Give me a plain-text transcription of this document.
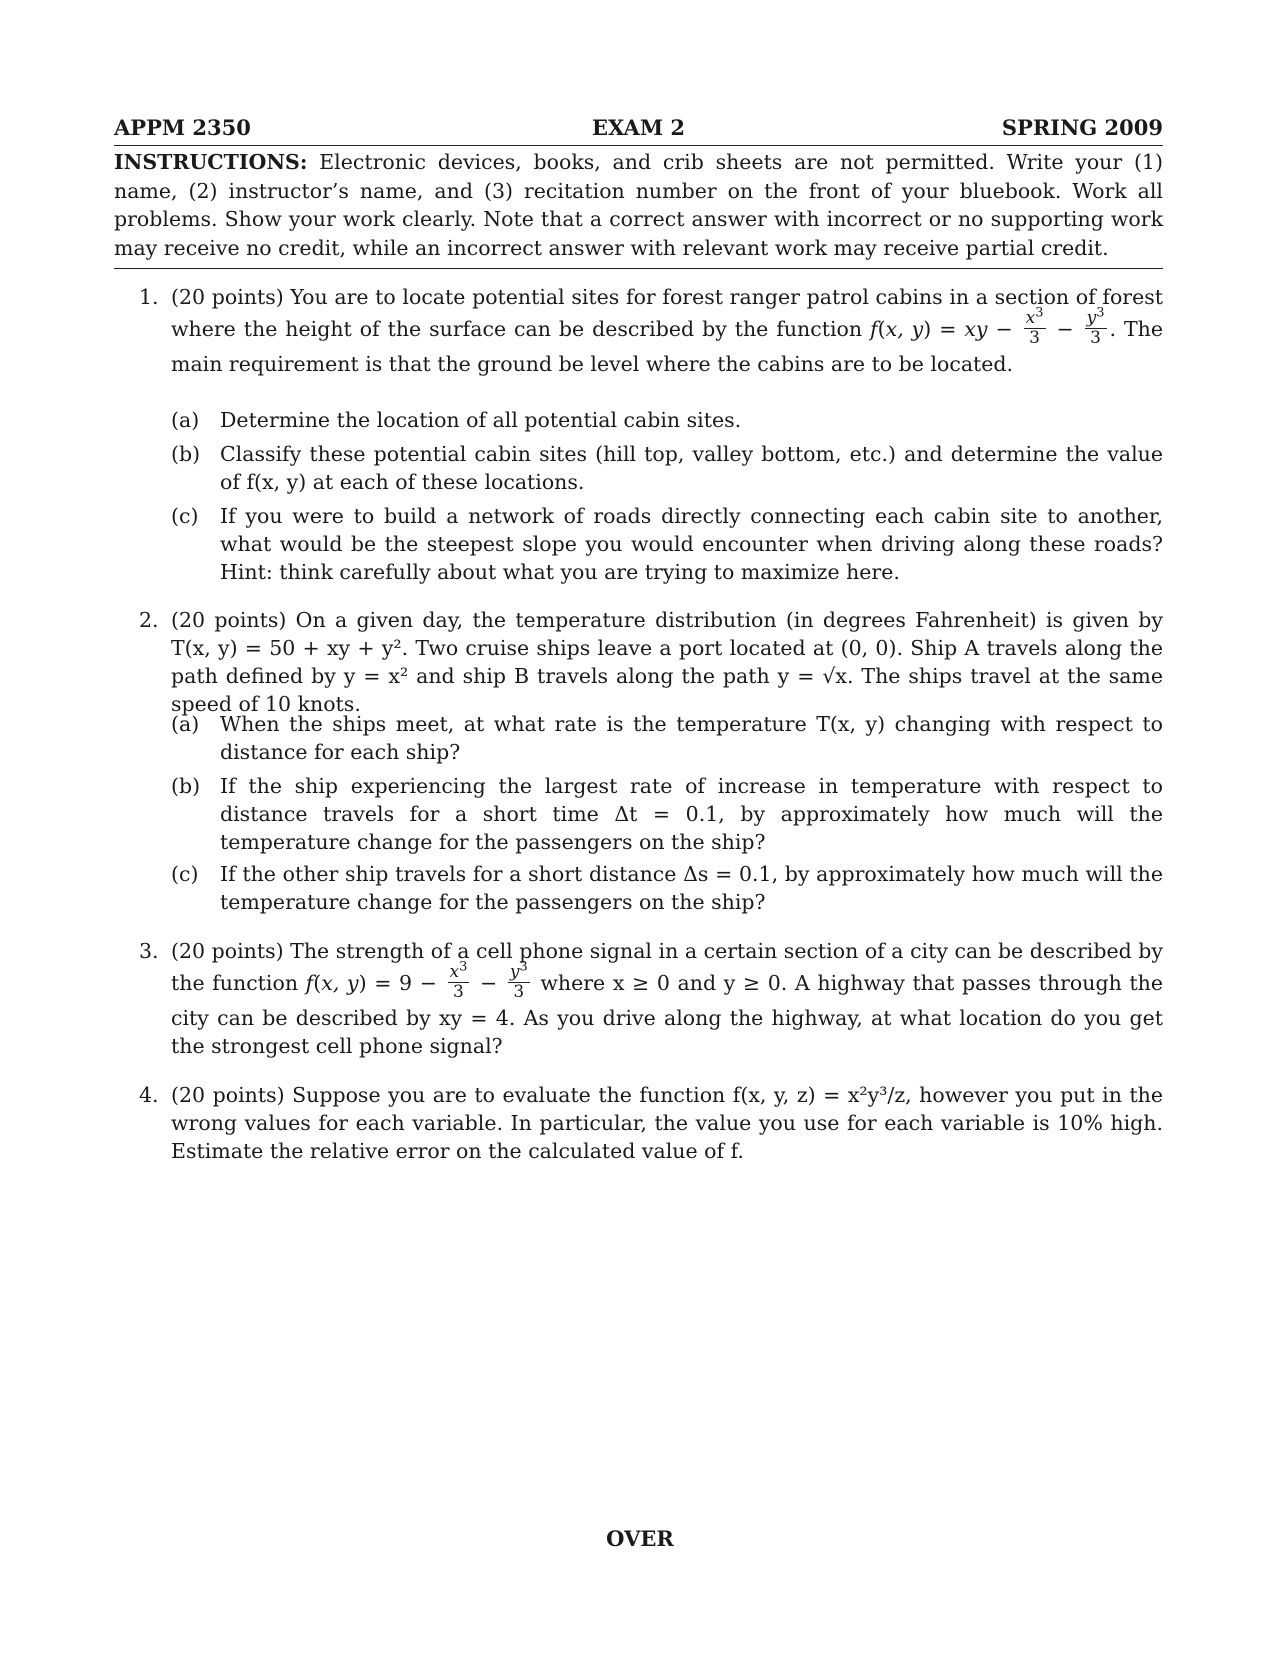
APPM 2350	EXAM 2	SPRING 2009
INSTRUCTIONS: Electronic devices, books, and crib sheets are not permitted. Write your (1) name, (2) instructor’s name, and (3) recitation number on the front of your bluebook. Work all problems. Show your work clearly. Note that a correct answer with incorrect or no supporting work may receive no credit, while an incorrect answer with relevant work may receive partial credit.
1. (20 points) You are to locate potential sites for forest ranger patrol cabins in a section of forest where the height of the surface can be described by the function f(x, y) = xy − $\frac{x^3}{3} - \frac{y^3}{3}$ . The main requirement is that the ground be level where the cabins are to be located.
(a) Determine the location of all potential cabin sites.
(b) Classify these potential cabin sites (hill top, valley bottom, etc.) and determine the value of f(x, y) at each of these locations.
(c) If you were to build a network of roads directly connecting each cabin site to another, what would be the steepest slope you would encounter when driving along these roads? Hint: think carefully about what you are trying to maximize here.
2. (20 points) On a given day, the temperature distribution (in degrees Fahrenheit) is given by T(x, y) = 50 + xy + y². Two cruise ships leave a port located at (0, 0). Ship A travels along the path defined by y = x² and ship B travels along the path y = √x. The ships travel at the same speed of 10 knots.
(a) When the ships meet, at what rate is the temperature T(x, y) changing with respect to distance for each ship?
(b) If the ship experiencing the largest rate of increase in temperature with respect to distance travels for a short time Δt = 0.1, by approximately how much will the temperature change for the passengers on the ship?
(c) If the other ship travels for a short distance Δs = 0.1, by approximately how much will the temperature change for the passengers on the ship?
3. (20 points) The strength of a cell phone signal in a certain section of a city can be described by the function f(x, $y) = 9 - \frac{x^3}{3} - \frac{y^3}{3}$ where x ≥ 0 and y ≥ 0. A highway that passes through the city can be described by xy = 4. As you drive along the highway, at what location do you get the strongest cell phone signal?
4. (20 points) Suppose you are to evaluate the function f(x, y, z) = x²y³/z, however you put in the wrong values for each variable. In particular, the value you use for each variable is 10% high. Estimate the relative error on the calculated value of f.
OVER
